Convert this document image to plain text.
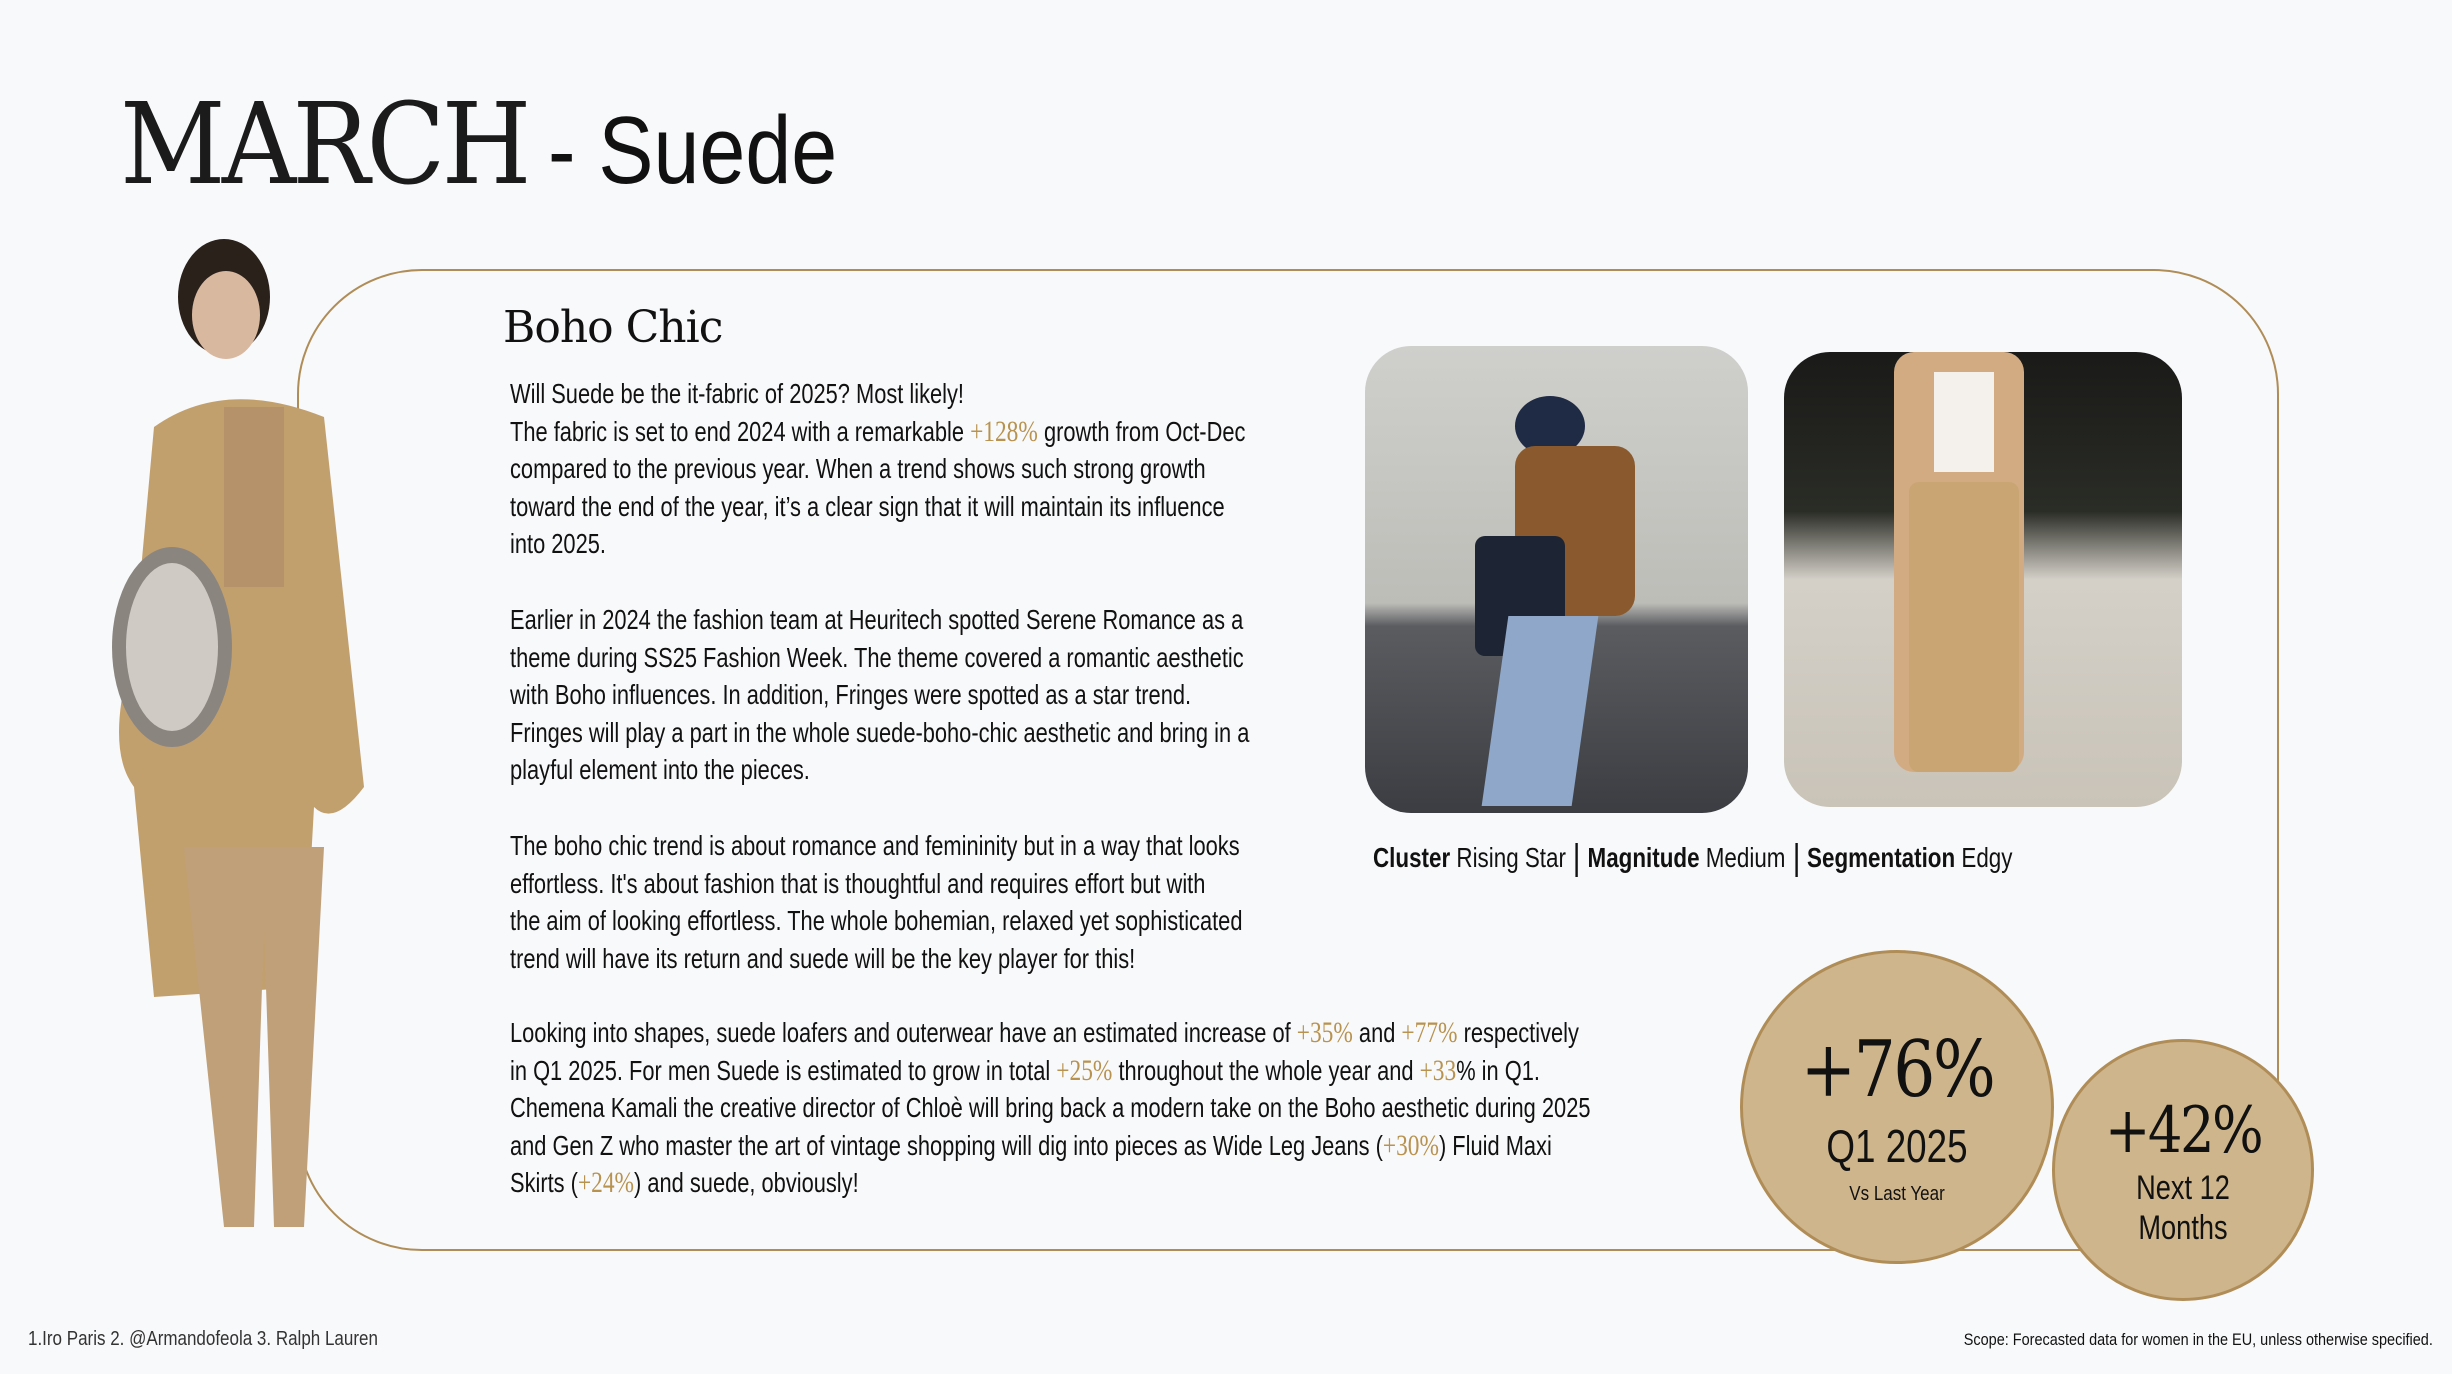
MARCH - Suede
Boho Chic
Will Suede be the it-fabric of 2025? Most likely!
The fabric is set to end 2024 with a remarkable +128% growth from Oct-Dec
compared to the previous year. When a trend shows such strong growth
toward the end of the year, it’s a clear sign that it will maintain its influence
into 2025.
Earlier in 2024 the fashion team at Heuritech spotted Serene Romance as a
theme during SS25 Fashion Week. The theme covered a romantic aesthetic
with Boho influences. In addition, Fringes were spotted as a star trend.
Fringes will play a part in the whole suede-boho-chic aesthetic and bring in a
playful element into the pieces.
The boho chic trend is about romance and femininity but in a way that looks
effortless. It's about fashion that is thoughtful and requires effort but with
the aim of looking effortless. The whole bohemian, relaxed yet sophisticated
trend will have its return and suede will be the key player for this!
Looking into shapes, suede loafers and outerwear have an estimated increase of +35% and +77% respectively
in Q1 2025. For men Suede is estimated to grow in total +25% throughout the whole year and +33% in Q1.
Chemena Kamali the creative director of Chloè will bring back a modern take on the Boho aesthetic during 2025
and Gen Z who master the art of vintage shopping will dig into pieces as Wide Leg Jeans (+30%) Fluid Maxi
Skirts (+24%) and suede, obviously!
Cluster Rising Star Magnitude Medium Segmentation Edgy
+76%
Q1 2025
Vs Last Year
+42%
Next 12
Months
1.Iro Paris 2. @Armandofeola 3. Ralph Lauren	Scope: Forecasted data for women in the EU, unless otherwise specified.
